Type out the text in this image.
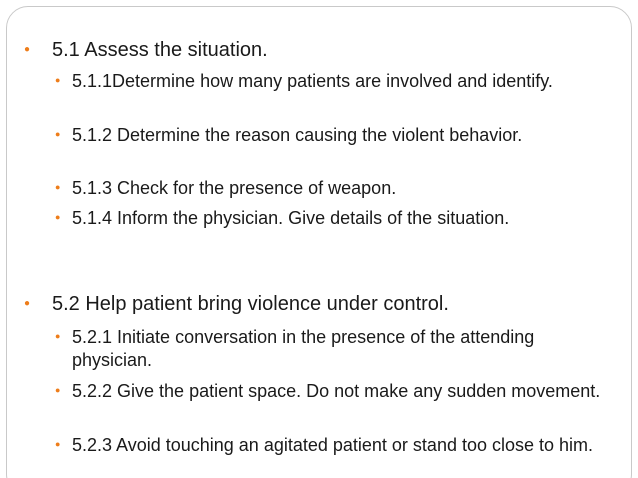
● 5.1 Assess the situation.
● 5.1.1Determine how many patients are involved and identify.
● 5.1.2 Determine the reason causing the violent behavior.
● 5.1.3 Check for the presence of weapon.
● 5.1.4 Inform the physician. Give details of the situation.
● 5.2 Help patient bring violence under control.
● 5.2.1 Initiate conversation in the presence of the attending physician.
● 5.2.2 Give the patient space. Do not make any sudden movement.
● 5.2.3 Avoid touching an agitated patient or stand too close to him.
